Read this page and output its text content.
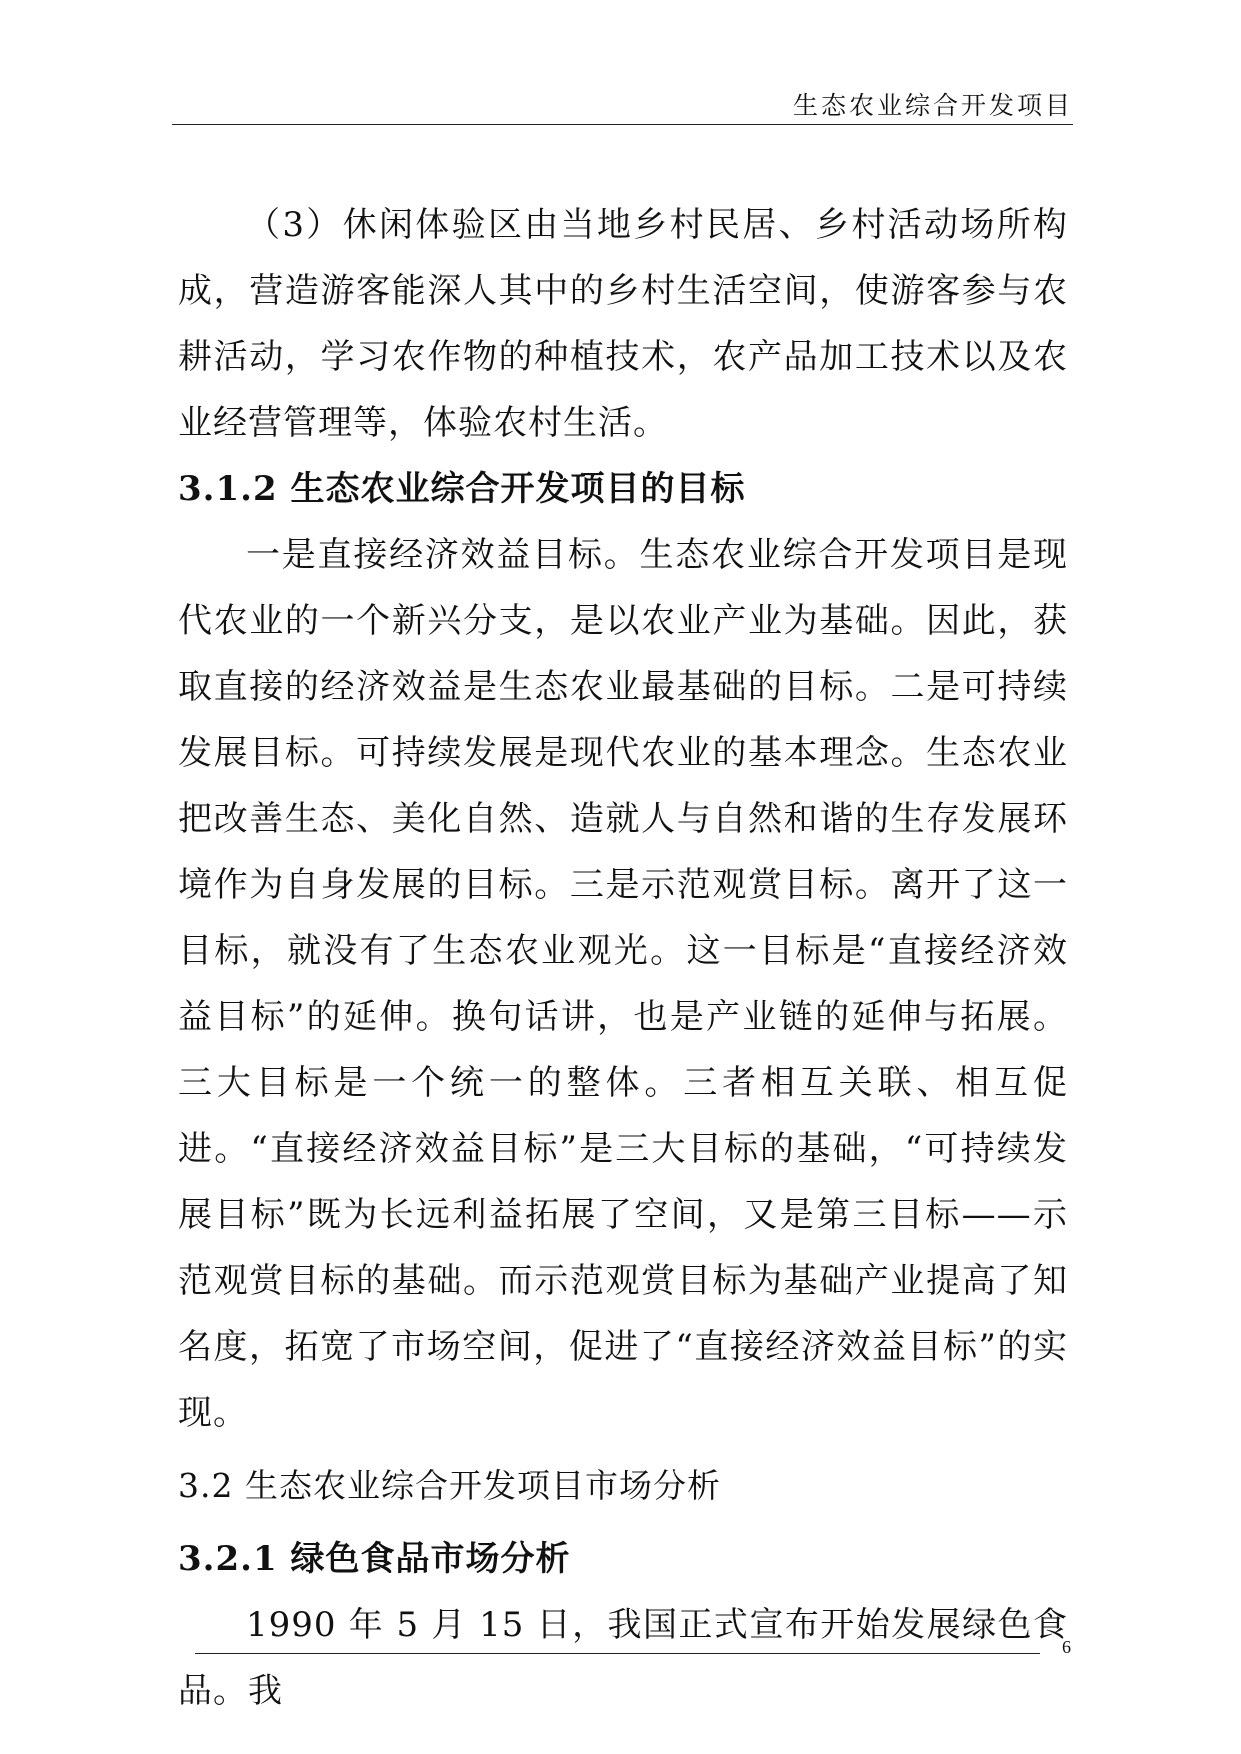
生态农业综合开发项目

（3）休闲体验区由当地乡村民居、乡村活动场所构成，营造游客能深人其中的乡村生活空间，使游客参与农耕活动，学习农作物的种植技术，农产品加工技术以及农业经营管理等，体验农村生活。

3.1.2 生态农业综合开发项目的目标

一是直接经济效益目标。生态农业综合开发项目是现代农业的一个新兴分支，是以农业产业为基础。因此，获取直接的经济效益是生态农业最基础的目标。二是可持续发展目标。可持续发展是现代农业的基本理念。生态农业把改善生态、美化自然、造就人与自然和谐的生存发展环境作为自身发展的目标。三是示范观赏目标。离开了这一目标，就没有了生态农业观光。这一目标是“直接经济效益目标”的延伸。换句话讲，也是产业链的延伸与拓展。三大目标是一个统一的整体。三者相互关联、相互促进。“直接经济效益目标”是三大目标的基础，“可持续发展目标”既为长远利益拓展了空间，又是第三目标——示范观赏目标的基础。而示范观赏目标为基础产业提高了知名度，拓宽了市场空间，促进了“直接经济效益目标”的实现。

3.2 生态农业综合开发项目市场分析

3.2.1 绿色食品市场分析

1990 年 5 月 15 日，我国正式宣布开始发展绿色食品。我

6
